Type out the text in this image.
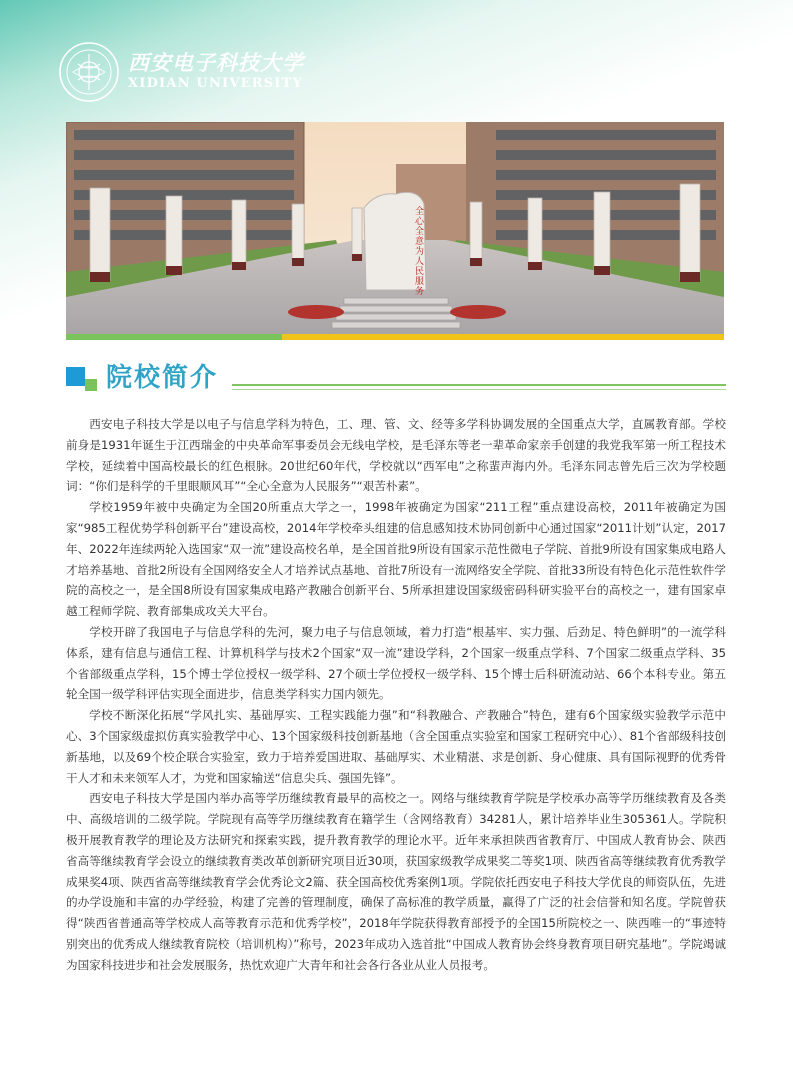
西安电子科技大学
XIDIAN UNIVERSITY
全心全意为人民服务
院校简介

西安电子科技大学是以电子与信息学科为特色，工、理、管、文、经等多学科协调发展的全国重点大学，直属教育部。学校前身是1931年诞生于江西瑞金的中央革命军事委员会无线电学校，是毛泽东等老一辈革命家亲手创建的我党我军第一所工程技术学校，延续着中国高校最长的红色根脉。20世纪60年代，学校就以“西军电”之称蜚声海内外。毛泽东同志曾先后三次为学校题词：“你们是科学的千里眼顺风耳”“全心全意为人民服务”“艰苦朴素”。

学校1959年被中央确定为全国20所重点大学之一，1998年被确定为国家“211工程”重点建设高校，2011年被确定为国家“985工程优势学科创新平台”建设高校，2014年学校牵头组建的信息感知技术协同创新中心通过国家“2011计划”认定，2017年、2022年连续两轮入选国家“双一流”建设高校名单，是全国首批9所设有国家示范性微电子学院、首批9所设有国家集成电路人才培养基地、首批2所设有全国网络安全人才培养试点基地、首批7所设有一流网络安全学院、首批33所设有特色化示范性软件学院的高校之一，是全国8所设有国家集成电路产教融合创新平台、5所承担建设国家级密码科研实验平台的高校之一，建有国家卓越工程师学院、教育部集成攻关大平台。

学校开辟了我国电子与信息学科的先河，聚力电子与信息领域，着力打造“根基牢、实力强、后劲足、特色鲜明”的一流学科体系，建有信息与通信工程、计算机科学与技术2个国家“双一流”建设学科，2个国家一级重点学科、7个国家二级重点学科、35个省部级重点学科，15个博士学位授权一级学科、27个硕士学位授权一级学科、15个博士后科研流动站、66个本科专业。第五轮全国一级学科评估实现全面进步，信息类学科实力国内领先。

学校不断深化拓展“学风扎实、基础厚实、工程实践能力强”和“科教融合、产教融合”特色，建有6个国家级实验教学示范中心、3个国家级虚拟仿真实验教学中心、13个国家级科技创新基地（含全国重点实验室和国家工程研究中心）、81个省部级科技创新基地，以及69个校企联合实验室，致力于培养爱国进取、基础厚实、术业精湛、求是创新、身心健康、具有国际视野的优秀骨干人才和未来领军人才，为党和国家输送“信息尖兵、强国先锋”。

西安电子科技大学是国内举办高等学历继续教育最早的高校之一。网络与继续教育学院是学校承办高等学历继续教育及各类中、高级培训的二级学院。学院现有高等学历继续教育在籍学生（含网络教育）34281人，累计培养毕业生305361人。学院积极开展教育教学的理论及方法研究和探索实践，提升教育教学的理论水平。近年来承担陕西省教育厅、中国成人教育协会、陕西省高等继续教育学会设立的继续教育类改革创新研究项目近30项，获国家级教学成果奖二等奖1项、陕西省高等继续教育优秀教学成果奖4项、陕西省高等继续教育学会优秀论文2篇、获全国高校优秀案例1项。学院依托西安电子科技大学优良的师资队伍，先进的办学设施和丰富的办学经验，构建了完善的管理制度，确保了高标准的教学质量，赢得了广泛的社会信誉和知名度。学院曾获得“陕西省普通高等学校成人高等教育示范和优秀学校”，2018年学院获得教育部授予的全国15所院校之一、陕西唯一的“事迹特别突出的优秀成人继续教育院校（培训机构）”称号，2023年成功入选首批“中国成人教育协会终身教育项目研究基地”。学院竭诚为国家科技进步和社会发展服务，热忱欢迎广大青年和社会各行各业从业人员报考。
